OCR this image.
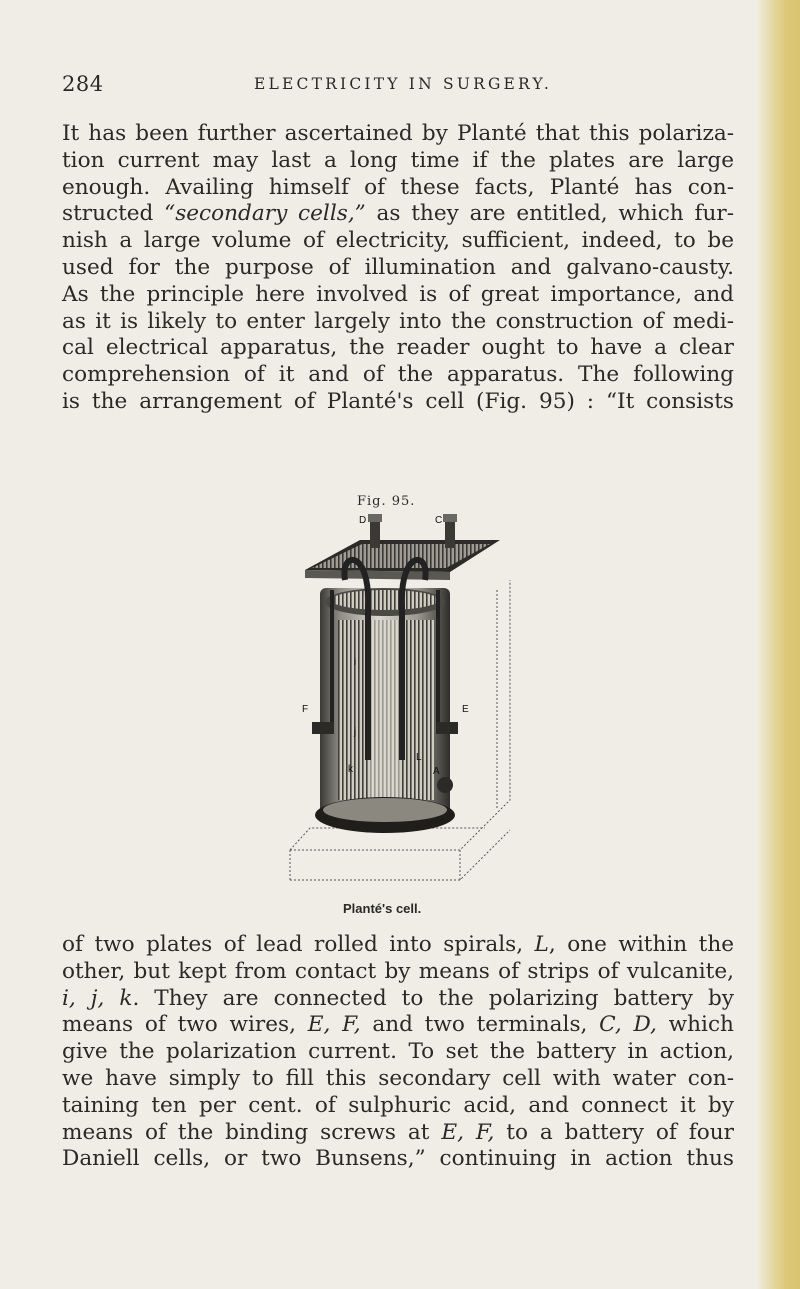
284	ELECTRICITY IN SURGERY.
It has been further ascertained by Planté that this polariza-
tion current may last a long time if the plates are large
enough. Availing himself of these facts, Planté has con-
structed “secondary cells,” as they are entitled, which fur-
nish a large volume of electricity, sufficient, indeed, to be
used for the purpose of illumination and galvano-causty.
As the principle here involved is of great importance, and
as it is likely to enter largely into the construction of medi-
cal electrical apparatus, the reader ought to have a clear
comprehension of it and of the apparatus. The following
is the arrangement of Planté's cell (Fig. 95) : “It consists
Fig. 95.
D	C
F	E
A
L
i
j
k
Planté's cell.
of two plates of lead rolled into spirals, L, one within the
other, but kept from contact by means of strips of vulcanite,
i, j, k. They are connected to the polarizing battery by
means of two wires, E, F, and two terminals, C, D, which
give the polarization current. To set the battery in action,
we have simply to fill this secondary cell with water con-
taining ten per cent. of sulphuric acid, and connect it by
means of the binding screws at E, F, to a battery of four
Daniell cells, or two Bunsens,” continuing in action thus
